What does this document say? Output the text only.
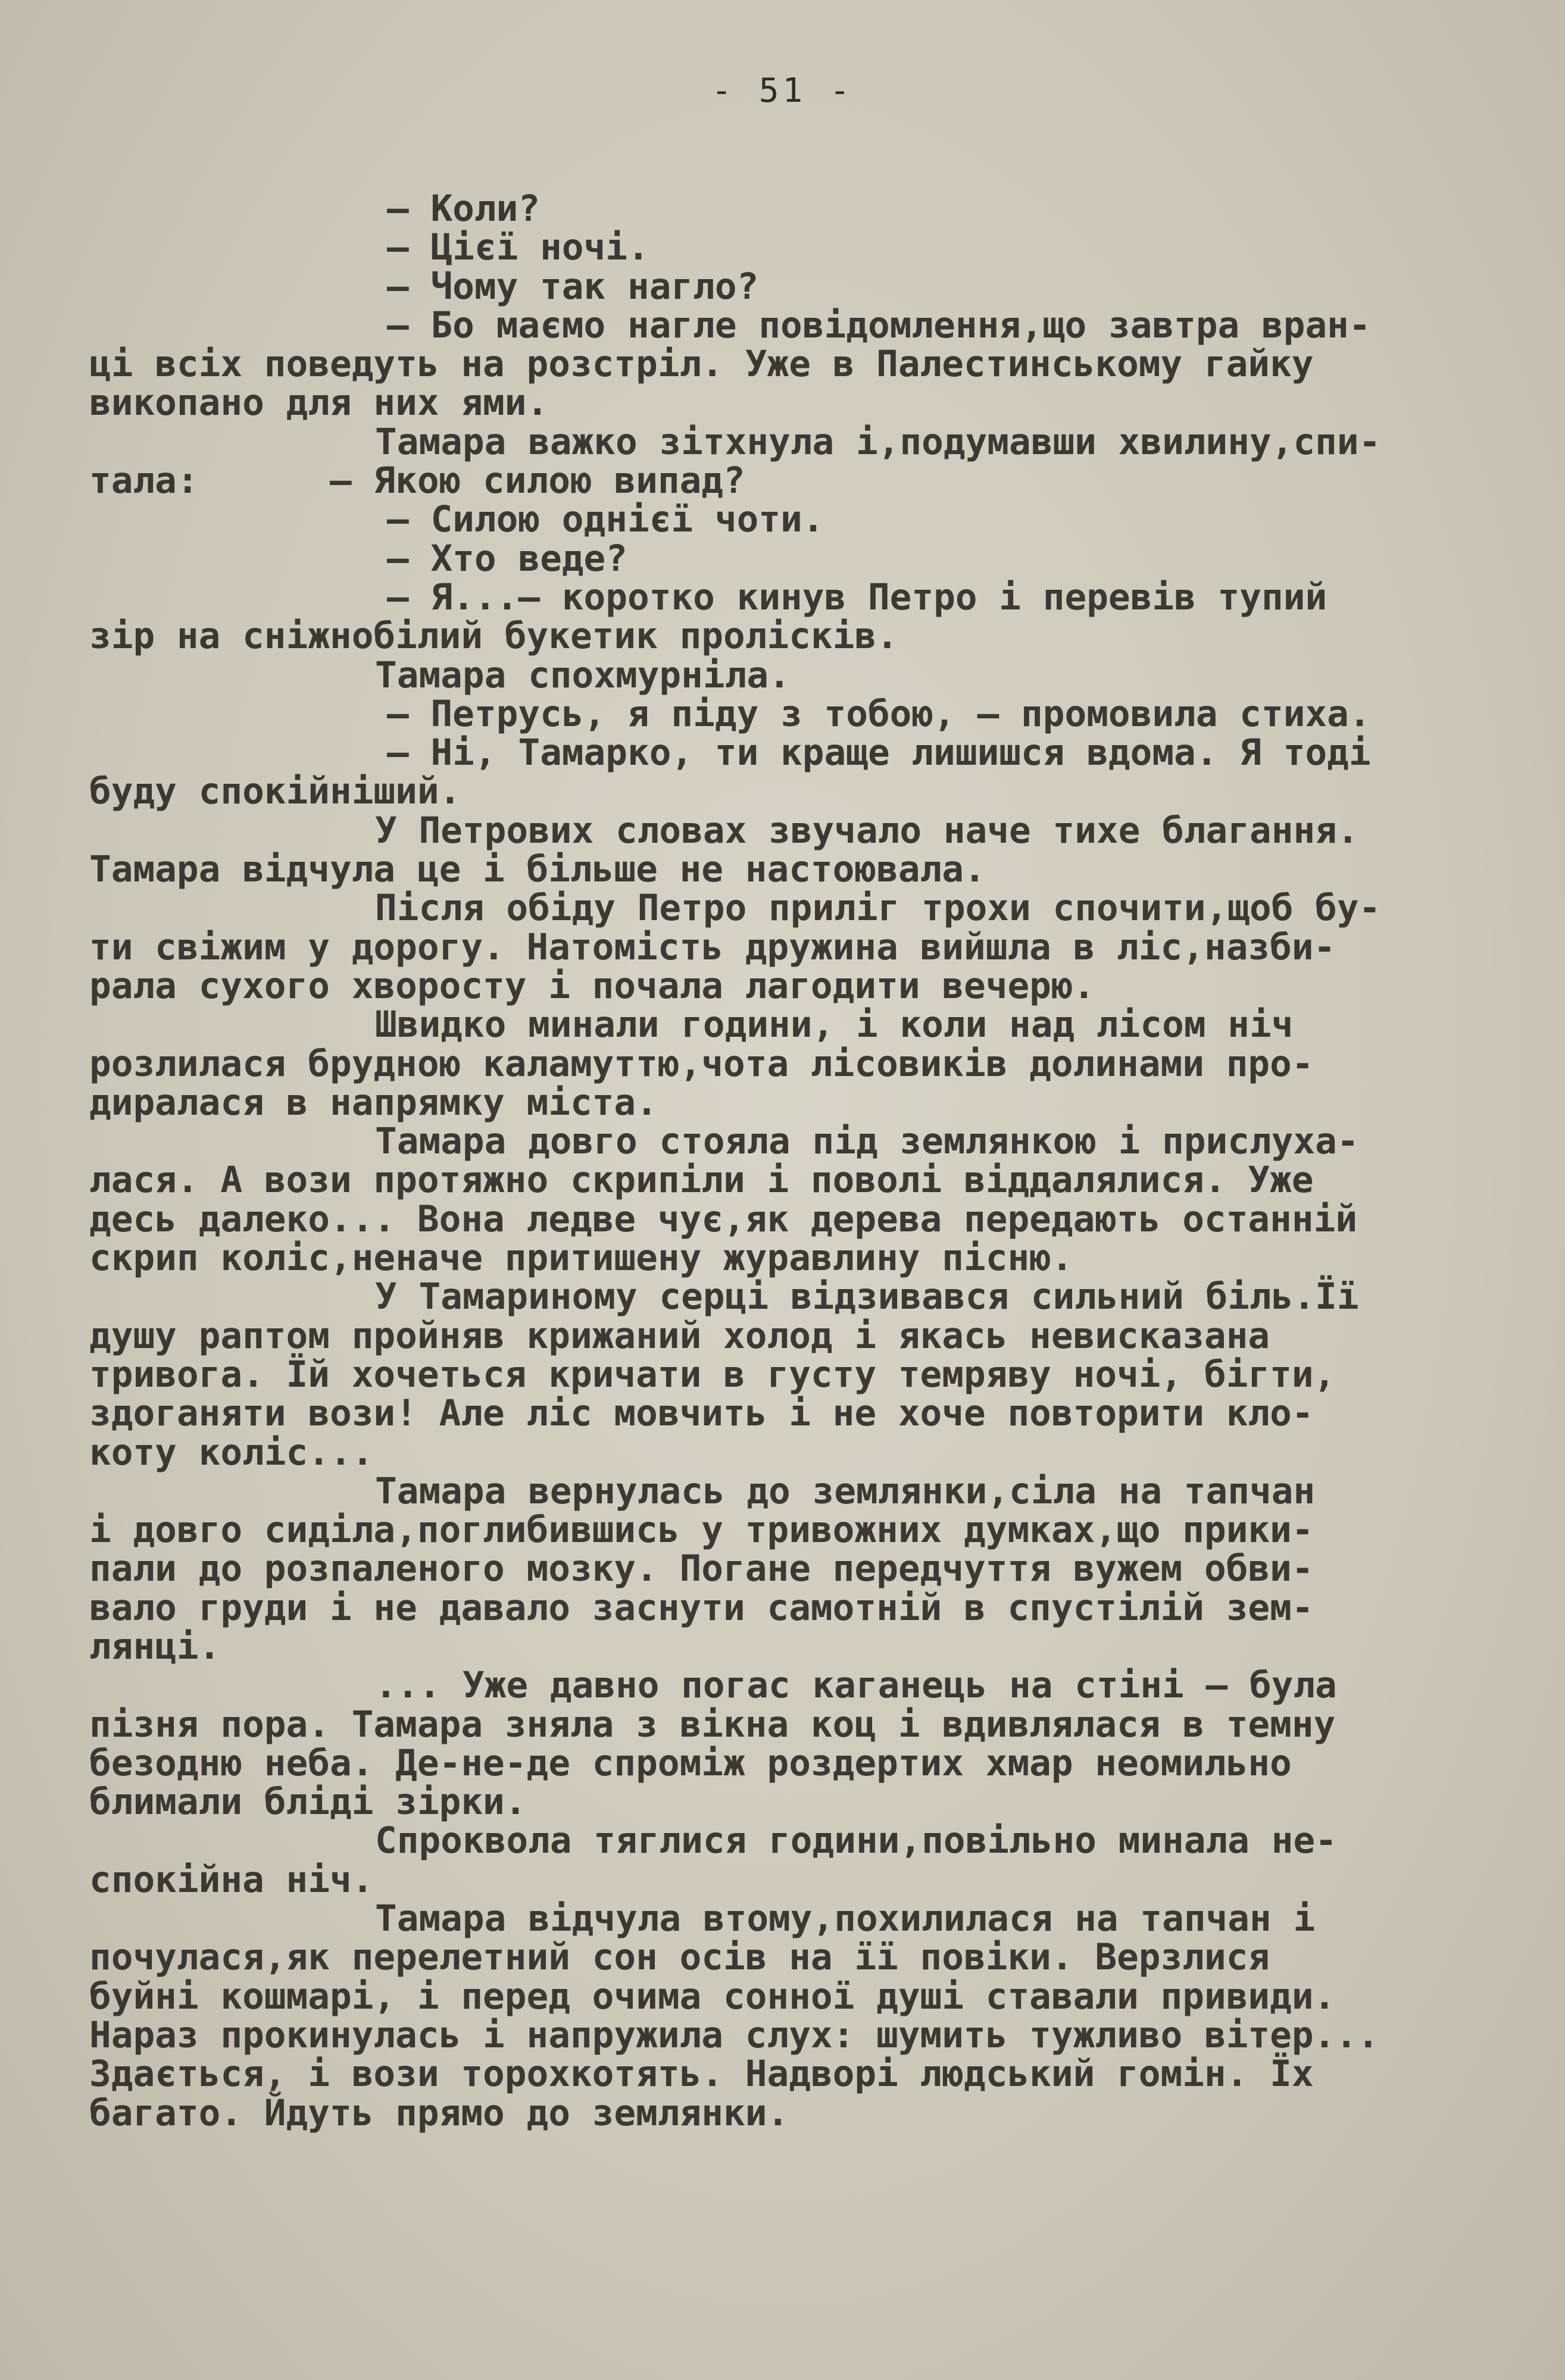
- 51 -
– Коли?
– Цієї ночі.
– Чому так наглo?
– Бо маємо нагле повідомлення,що завтра вран-
ці всіх поведуть на розстріл. Уже в Палестинському гайку
викопано для них ями.
Тамара важко зітхнула і,подумавши хвилину,спи-
тала:      – Якою силою випад?
– Силою однієї чоти.
– Хто веде?
– Я...– коротко кинув Петро і перевів тупий
зір на сніжнобілий букетик пролісків.
Тамара спохмурніла.
– Петрусь, я піду з тобою, – промовила стиха.
– Ні, Тамарко, ти краще лишишся вдома. Я тоді
буду спокійніший.
У Петрових словах звучало наче тихе благання.
Тамара відчула це і більше не настоювала.
Після обіду Петро приліг трохи спочити,щоб бу-
ти свіжим у дорогу. Натомість дружина вийшла в ліс,назби-
рала сухого хворосту і почала лагодити вечерю.
Швидко минали години, і коли над лісом ніч
розлилася брудною каламуттю,чота лісовиків долинами про-
диралася в напрямку міста.
Тамара довго стояла під землянкою і прислуха-
лася. А вози протяжно скрипіли і поволі віддалялися. Уже
десь далеко... Вона ледве чує,як дерева передають останній
скрип коліс,неначе притишену журавлину пісню.
У Тамариному серці відзивався сильний біль.Її
душу раптом пройняв крижаний холод і якась невисказана
тривога. Їй хочеться кричати в густу темряву ночі, бігти,
здоганяти вози! Але ліс мовчить і не хоче повторити кло-
коту коліс...
Тамара вернулась до землянки,сіла на тапчан
і довго сиділа,поглибившись у тривожних думках,що прики-
пали до розпаленого мозку. Погане передчуття вужем обви-
вало груди і не давало заснути самотній в спустілій зем-
лянці.
... Уже давно погас каганець на стіні – була
пізня пора. Тамара зняла з вікна коц і вдивлялася в темну
безодню неба. Де-не-де спроміж роздертих хмар неомильно
блимали бліді зірки.
Спроквола тяглися години,повільно минала не-
спокійна ніч.
Тамара відчула втому,похилилася на тапчан і
почулася,як перелетний сон осів на її повіки. Верзлися
буйні кошмарі, і перед очима сонної душі ставали привиди.
Нараз прокинулась і напружила слух: шумить тужливо вітер...
Здається, і вози торохкотять. Надворі людський гомін. Їх
багато. Йдуть прямо до землянки.
